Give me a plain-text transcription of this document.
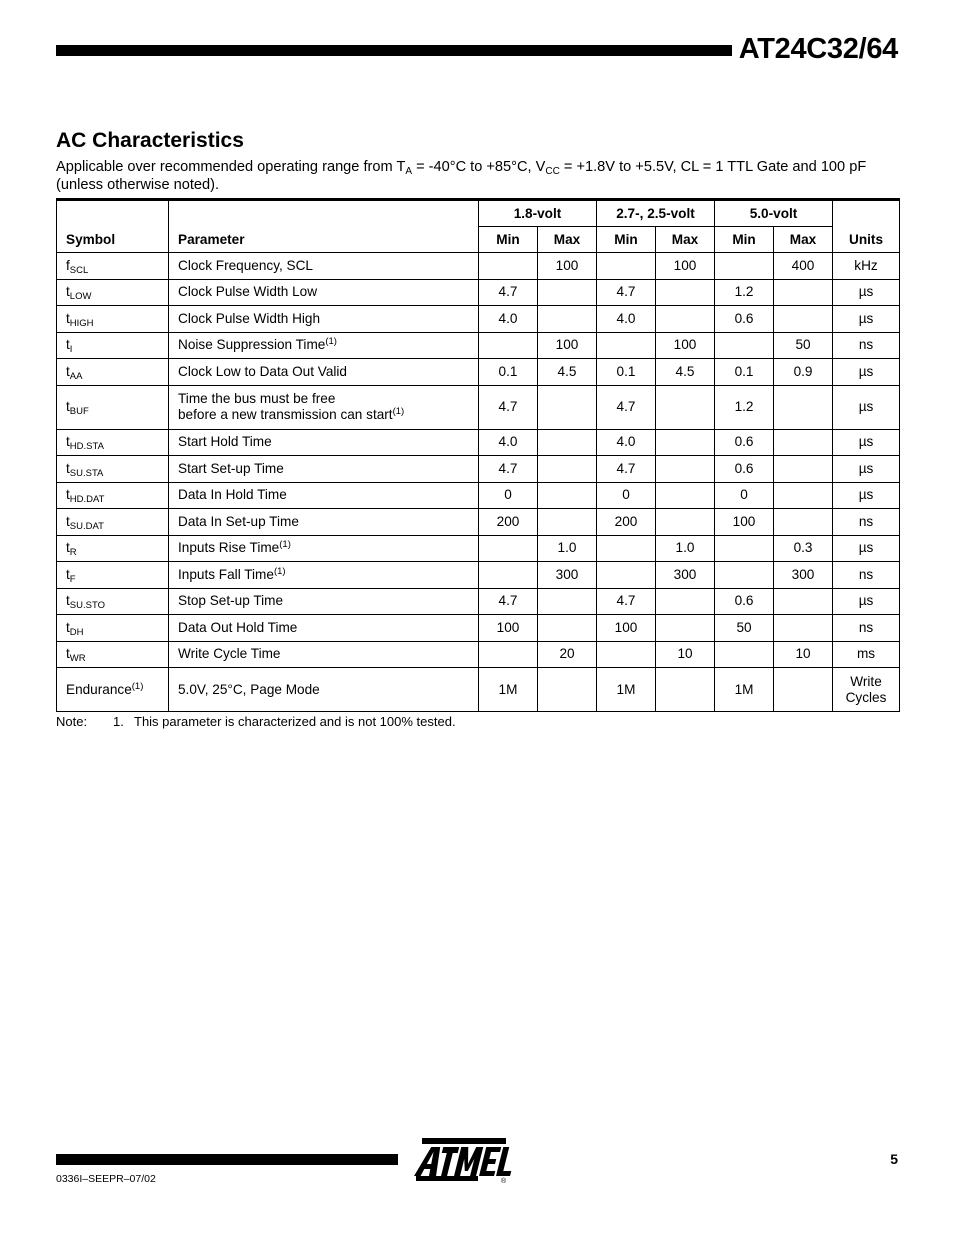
AT24C32/64
AC Characteristics

Applicable over recommended operating range from $T_A = -40^\circ C$ to +85°C, $V_{CC} = +1.8V$ to +5.5V, CL = 1 TTL Gate and 100 pF (unless otherwise noted).

Symbol	Parameter	1.8-volt		2.7-, 2.5-volt		5.0-volt		Units
		Min	Max	Min	Max	Min	Max	
$f_{SCL}$	Clock Frequency, SCL		100		100		400	kHz
$t_{LOW}$	Clock Pulse Width Low	4.7		4.7		1.2		µs
$t_{HIGH}$	Clock Pulse Width High	4.0		4.0		0.6		µs
$t_I$	Noise Suppression Time$^{(1)}$		100		100		50	ns
$t_{AA}$	Clock Low to Data Out Valid	0.1	4.5	0.1	4.5	0.1	0.9	µs
$t_{BUF}$	Time the bus must be free
before a new transmission can start$^{(1)}$	4.7		4.7		1.2		µs
$t_{HD.STA}$	Start Hold Time	4.0		4.0		0.6		µs
$t_{SU.STA}$	Start Set-up Time	4.7		4.7		0.6		µs
$t_{HD.DAT}$	Data In Hold Time	0		0		0		µs
$t_{SU.DAT}$	Data In Set-up Time	200		200		100		ns
$t_R$	Inputs Rise Time$^{(1)}$		1.0		1.0		0.3	µs
$t_F$	Inputs Fall Time$^{(1)}$		300		300		300	ns
$t_{SU.STO}$	Stop Set-up Time	4.7		4.7		0.6		µs
$t_{DH}$	Data Out Hold Time	100		100		50		ns
$t_{WR}$	Write Cycle Time		20		10		10	ms
Endurance$^{(1)}$	5.0V, 25°C, Page Mode	1M		1M		1M		Write
Cycles
Note: 1. This parameter is characterized and is not 100% tested.
®
0336I–SEEPR–07/02
5
